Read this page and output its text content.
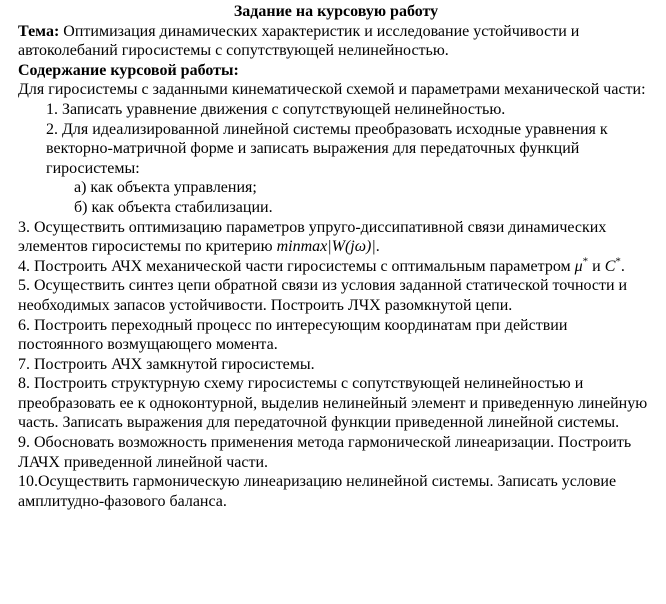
Задание на курсовую работу

Тема: Оптимизация динамических характеристик и исследование устойчивости и автоколебаний гиросистемы с сопутствующей нелинейностью.

Содержание курсовой работы:

Для гиросистемы с заданными кинематической схемой и параметрами механической части:

1. Записать уравнение движения с сопутствующей нелинейностью.

2. Для идеализированной линейной системы преобразовать исходные уравнения к векторно-матричной форме и записать выражения для передаточных функций гиросистемы:

а) как объекта управления;

б) как объекта стабилизации.

3. Осуществить оптимизацию параметров упруго-диссипативной связи динамических элементов гиросистемы по критерию minmax|W(jω)|.

4. Построить АЧХ механической части гиросистемы с оптимальным параметром μ* и C*.

5. Осуществить синтез цепи обратной связи из условия заданной статической точности и необходимых запасов устойчивости. Построить ЛЧХ разомкнутой цепи.

6. Построить переходный процесс по интересующим координатам при действии постоянного возмущающего момента.

7. Построить АЧХ замкнутой гиросистемы.

8. Построить структурную схему гиросистемы с сопутствующей нелинейностью и преобразовать ее к одноконтурной, выделив нелинейный элемент и приведенную линейную часть. Записать выражения для передаточной функции приведенной линейной системы.

9. Обосновать возможность применения метода гармонической линеаризации. Построить ЛАЧХ приведенной линейной части.

10.Осуществить гармоническую линеаризацию нелинейной системы. Записать условие амплитудно-фазового баланса.
